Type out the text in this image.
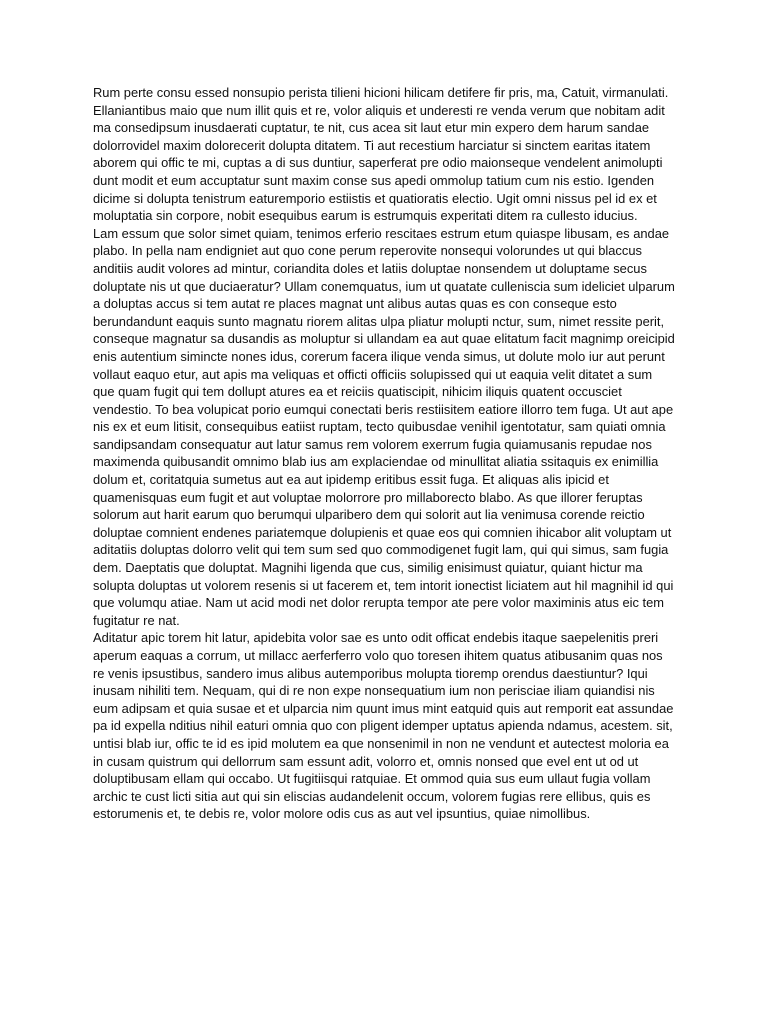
Rum perte consu essed nonsupio perista tilieni hicioni hilicam detifere fir pris, ma, Catuit, virmanulati. Ellaniantibus maio que num illit quis et re, volor aliquis et underesti re venda verum que nobitam adit ma consedipsum inusdaerati cuptatur, te nit, cus acea sit laut etur min expero dem harum sandae dolorrovidel maxim dolorecerit dolupta ditatem. Ti aut recestium harciatur si sinctem earitas itatem aborem qui offic te mi, cuptas a di sus duntiur, saperferat pre odio maionseque vendelent animolupti dunt modit et eum accuptatur sunt maxim conse sus apedi ommolup tatium cum nis estio. Igenden dicime si dolupta tenistrum eaturemporio estiistis et quatioratis electio. Ugit omni nissus pel id ex et moluptatia sin corpore, nobit esequibus earum is estrumquis experitati ditem ra cullesto iducius.

Lam essum que solor simet quiam, tenimos erferio rescitaes estrum etum quiaspe libusam, es andae plabo. In pella nam endigniet aut quo cone perum reperovite nonsequi volorundes ut qui blaccus anditiis audit volores ad mintur, coriandita doles et latiis doluptae nonsendem ut doluptame secus doluptate nis ut que duciaeratur? Ullam conemquatus, ium ut quatate culleniscia sum ideliciet ulparum a doluptas accus si tem autat re places magnat unt alibus autas quas es con conseque esto berundandunt eaquis sunto magnatu riorem alitas ulpa pliatur molupti nctur, sum, nimet ressite perit, conseque magnatur sa dusandis as moluptur si ullandam ea aut quae elitatum facit magnimp oreicipid enis autentium simincte nones idus, corerum facera ilique venda simus, ut dolute molo iur aut perunt vollaut eaquo etur, aut apis ma veliquas et officti officiis solupissed qui ut eaquia velit ditatet a sum que quam fugit qui tem dollupt atures ea et reiciis quatiscipit, nihicim iliquis quatent occusciet vendestio. To bea volupicat porio eumqui conectati beris restiisitem eatiore illorro tem fuga. Ut aut ape nis ex et eum litisit, consequibus eatiist ruptam, tecto quibusdae venihil igentotatur, sam quiati omnia sandipsandam consequatur aut latur samus rem volorem exerrum fugia quiamusanis repudae nos maximenda quibusandit omnimo blab ius am explaciendae od minullitat aliatia ssitaquis ex enimillia dolum et, coritatquia sumetus aut ea aut ipidemp eritibus essit fuga. Et aliquas alis ipicid et quamenisquas eum fugit et aut voluptae molorrore pro millaborecto blabo. As que illorer feruptas solorum aut harit earum quo berumqui ulparibero dem qui solorit aut lia venimusa corende reictio doluptae comnient endenes pariatemque dolupienis et quae eos qui comnien ihicabor alit voluptam ut aditatiis doluptas dolorro velit qui tem sum sed quo commodigenet fugit lam, qui qui simus, sam fugia dem. Daeptatis que doluptat. Magnihi ligenda que cus, similig enisimust quiatur, quiant hictur ma solupta doluptas ut volorem resenis si ut facerem et, tem intorit ionectist liciatem aut hil magnihil id qui que volumqu atiae. Nam ut acid modi net dolor rerupta tempor ate pere volor maximinis atus eic tem fugitatur re nat.

Aditatur apic torem hit latur, apidebita volor sae es unto odit officat endebis itaque saepelenitis preri aperum eaquas a corrum, ut millacc aerferferro volo quo toresen ihitem quatus atibusanim quas nos re venis ipsustibus, sandero imus alibus autemporibus molupta tioremp orendus daestiuntur? Iqui inusam nihiliti tem. Nequam, qui di re non expe nonsequatium ium non perisciae iliam quiandisi nis eum adipsam et quia susae et et ulparcia nim quunt imus mint eatquid quis aut remporit eat assundae pa id expella nditius nihil eaturi omnia quo con pligent idemper uptatus apienda ndamus, acestem. sit, untisi blab iur, offic te id es ipid molutem ea que nonsenimil in non ne vendunt et autectest moloria ea in cusam quistrum qui dellorrum sam essunt adit, volorro et, omnis nonsed que evel ent ut od ut doluptibusam ellam qui occabo. Ut fugitiisqui ratquiae. Et ommod quia sus eum ullaut fugia vollam archic te cust licti sitia aut qui sin eliscias audandelenit occum, volorem fugias rere ellibus, quis es estorumenis et, te debis re, volor molore odis cus as aut vel ipsuntius, quiae nimollibus.
